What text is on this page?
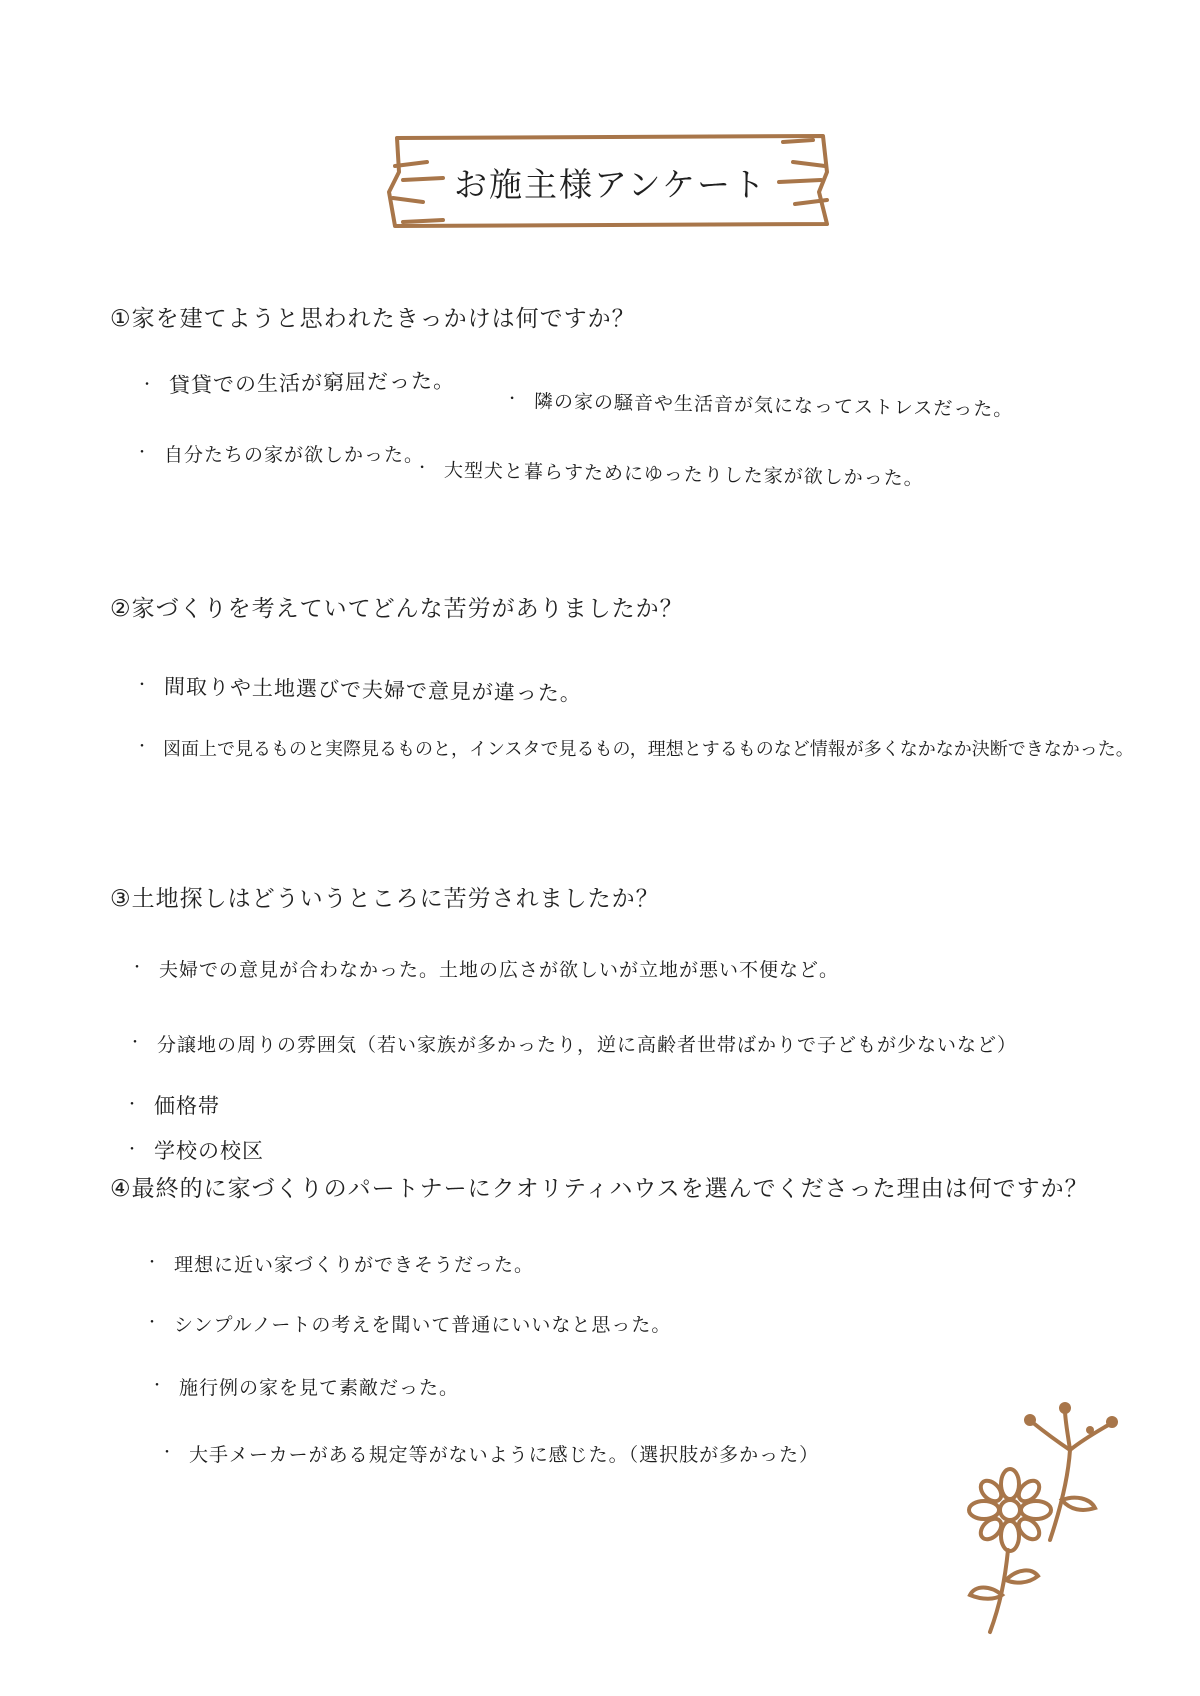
お施主様アンケート
①家を建てようと思われたきっかけは何ですか？
・ 貸貸での生活が窮屈だった。
・ 隣の家の騒音や生活音が気になってストレスだった。
・ 自分たちの家が欲しかった。
・ 大型犬と暮らすためにゆったりした家が欲しかった。
②家づくりを考えていてどんな苦労がありましたか？
・ 間取りや土地選びで夫婦で意見が違った。
・ 図面上で見るものと実際見るものと，インスタで見るもの，理想とするものなど情報が多くなかなか決断できなかった。
③土地探しはどういうところに苦労されましたか？
・ 夫婦での意見が合わなかった。土地の広さが欲しいが立地が悪い不便など。
・ 分譲地の周りの雰囲気（若い家族が多かったり，逆に高齢者世帯ばかりで子どもが少ないなど）
・ 価格帯
・ 学校の校区
④最終的に家づくりのパートナーにクオリティハウスを選んでくださった理由は何ですか？
・ 理想に近い家づくりができそうだった。
・ シンプルノートの考えを聞いて普通にいいなと思った。
・ 施行例の家を見て素敵だった。
・ 大手メーカーがある規定等がないように感じた。（選択肢が多かった）
